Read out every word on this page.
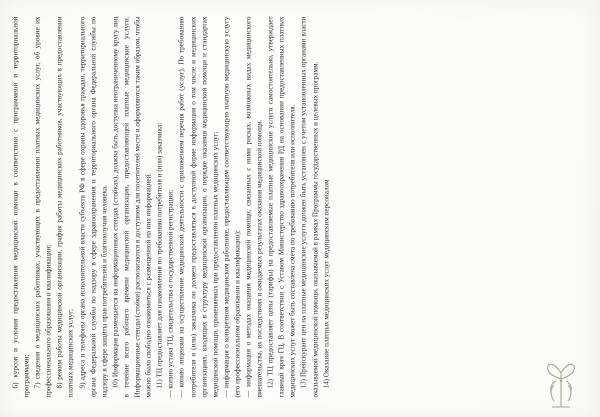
6) курсов и условия предоставления медицинской помощи в соответствии с программной и территориальной программами; 7) сведения о медицинских работниках, участвующих в предоставлении платных медицинских услуг, об уровне их профессионального образования и квалификации; 8) режим работы медицинской организации, график работы медицинских работников, участвующих в предоставлении платных медицинских услуг; 9) адреса и телефоны органа исполнительной власти субъекта РФ в сфере охраны здоровья граждан, территориального органа Федеральной службы по надзору в сфере здравоохранения и территориального органа Федеральной службы по надзору в сфере защиты прав потребителей и благополучия человека. 10) Информация размещается на информационных стендах (стойках), должна быть доступна неограниченному кругу лиц в течение всего рабочего времени медицинской организации, предоставляющей платные медицинские услуги. Информационные стенды (стойки) располагаются в доступном для посетителей месте и оформляются таким образом, чтобы можно было свободно ознакомиться с размещенной на них информацией. 11) ТЦ предоставляет для ознакомления по требованию потребителя и (или) заказчика: — копию устава ТЦ, свидетельства о государственной регистрации; — копию лицензии на осуществление медицинской деятельности с приложением перечня работ (услуг). По требованию потребителя и (или) заказчика он должен предоставляться в доступной форме информация о том числе и медицинских организациях, входящих в структуру медицинской организации, о порядке оказания медицинской помощи и стандартах медицинской помощи, применяемых при предоставлении платных медицинских услуг; — информация о конкретном медицинском работнике, предоставляющем соответствующую платную медицинскую услугу (его профессиональном образовании и квалификации); — информация о методах оказания медицинской помощи, связанных с ними рисках, возможных видах медицинского вмешательства, их последствиях и ожидаемых результатах оказания медицинской помощи. 12) ТЦ предоставляет цены (тарифы) на предоставляемые платные медицинские услуги самостоятельно, утверждает главный врач ГЦ. В соответствии с Уставом Министерство здравоохранения РД на основании предоставленных платных медицинских услуг может быть составлена смета по требованию потребителя или исполнителя. 13) Прейскурант цен на платные медицинские услуги должен быть установлен с учетом установленных органами власти оказываемой медицинской помощи, оказываемой в рамках Программы государственных и целевых программ. 14) Оказание платных медицинских услуг медицинским персоналом
